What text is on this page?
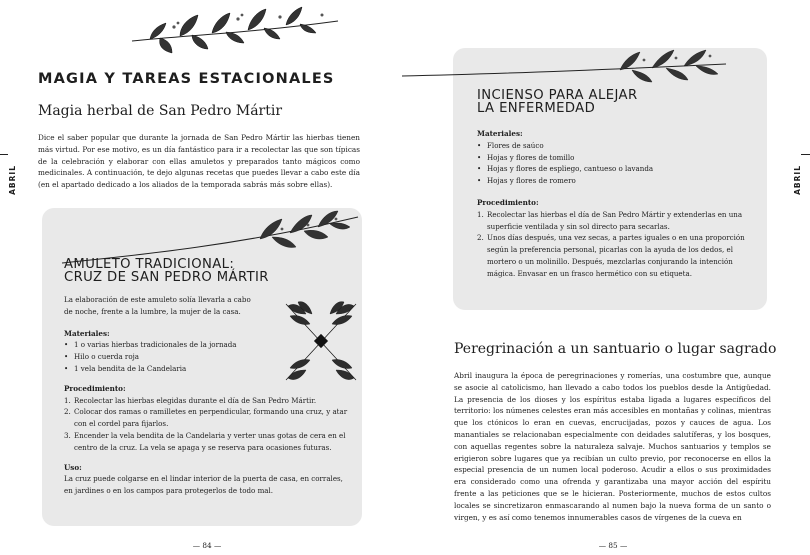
ABRIL
MAGIA Y TAREAS ESTACIONALES
Magia herbal de San Pedro Mártir

Dice el saber popular que durante la jornada de San Pedro Mártir las hierbas tienen más virtud. Por ese motivo, es un día fantástico para ir a recolectar las que son típicas de la celebración y elaborar con ellas amuletos y preparados tanto mágicos como medicinales. A continuación, te dejo algunas recetas que puedes llevar a cabo este día (en el apartado dedicado a los aliados de la temporada sabrás más sobre ellas).

AMULETO TRADICIONAL:
CRUZ DE SAN PEDRO MÁRTIR
La elaboración de este amuleto solía llevarla a cabo
de noche, frente a la lumbre, la mujer de la casa.
Materiales:
• 1 o varias hierbas tradicionales de la jornada
• Hilo o cuerda roja
• 1 vela bendita de la Candelaria
Procedimiento:
1. Recolectar las hierbas elegidas durante el día de San Pedro Mártir.
2. Colocar dos ramas o ramilletes en perpendicular, formando una cruz, y atar con el cordel para fijarlos.
3. Encender la vela bendita de la Candelaria y verter unas gotas de cera en el centro de la cruz. La vela se apaga y se reserva para ocasiones futuras.
Uso:
La cruz puede colgarse en el lindar interior de la puerta de casa, en corrales, en jardines o en los campos para protegerlos de todo mal.
— 84 —
INCIENSO PARA ALEJAR
LA ENFERMEDAD
Materiales:
• Flores de saúco
• Hojas y flores de tomillo
• Hojas y flores de espliego, cantueso o lavanda
• Hojas y flores de romero
Procedimiento:
1. Recolectar las hierbas el día de San Pedro Mártir y extenderlas en una superficie ventilada y sin sol directo para secarlas.
2. Unos días después, una vez secas, a partes iguales o en una proporción según la preferencia personal, picarlas con la ayuda de los dedos, el mortero o un molinillo. Después, mezclarlas conjurando la intención mágica. Envasar en un frasco hermético con su etiqueta.
ABRIL
Peregrinación a un santuario o lugar sagrado

Abril inaugura la época de peregrinaciones y romerías, una costumbre que, aunque se asocie al catolicismo, han llevado a cabo todos los pueblos desde la Antigüedad. La presencia de los dioses y los espíritus estaba ligada a lugares específicos del territorio: los númenes celestes eran más accesibles en montañas y colinas, mientras que los ctónicos lo eran en cuevas, encrucijadas, pozos y cauces de agua. Los manantiales se relacionaban especialmente con deidades salutíferas, y los bosques, con aquellas regentes sobre la naturaleza salvaje. Muchos santuarios y templos se erigieron sobre lugares que ya recibían un culto previo, por reconocerse en ellos la especial presencia de un numen local poderoso. Acudir a ellos o sus proximidades era considerado como una ofrenda y garantizaba una mayor acción del espíritu frente a las peticiones que se le hicieran. Posteriormente, muchos de estos cultos locales se sincretizaron enmascarando al numen bajo la nueva forma de un santo o virgen, y es así como tenemos innumerables casos de vírgenes de la cueva en

— 85 —
